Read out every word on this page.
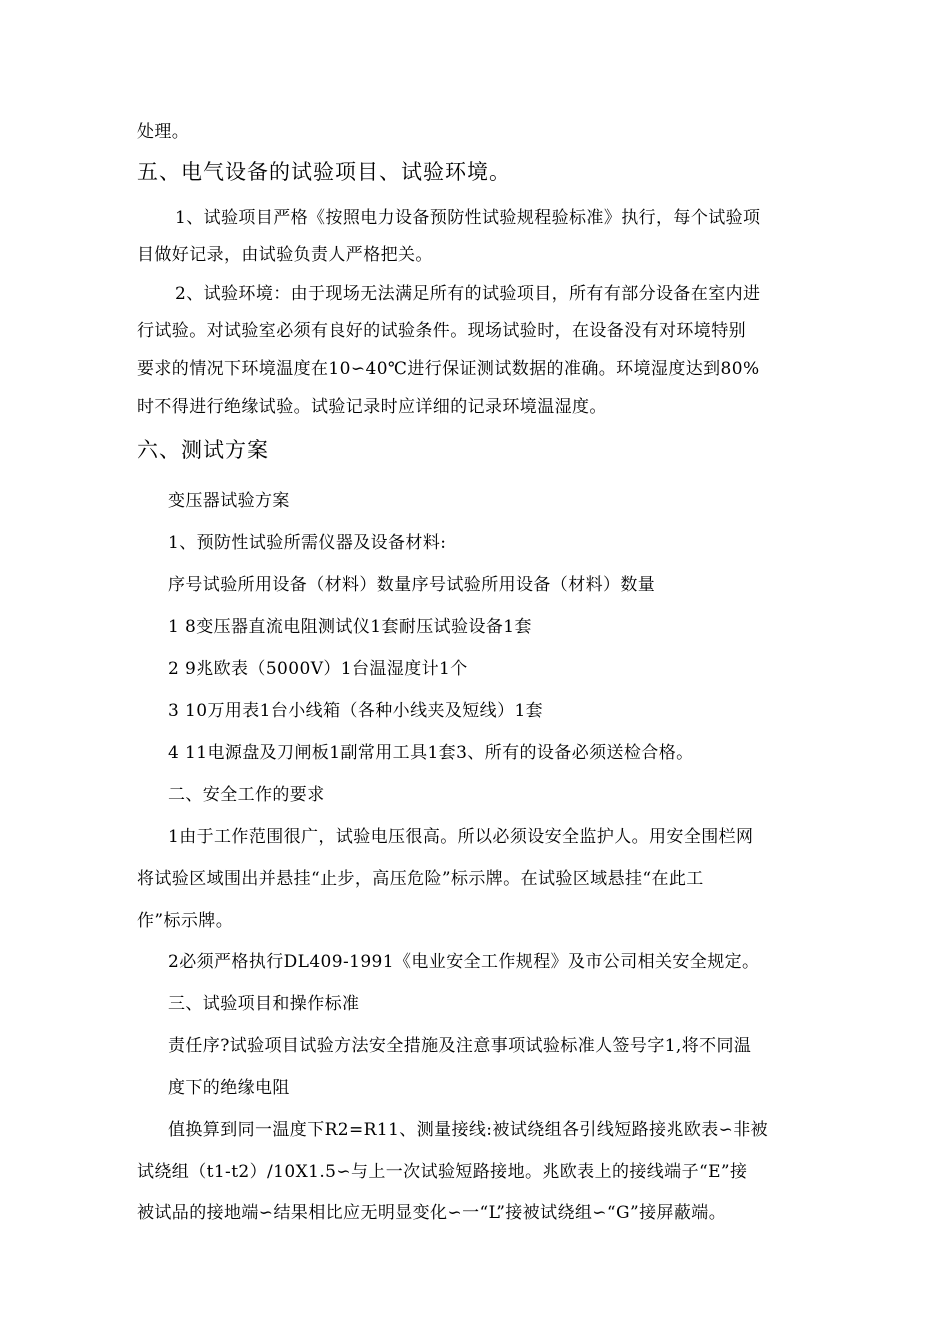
处理。

五、电气设备的试验项目、试验环境。

1、试验项目严格《按照电力设备预防性试验规程验标准》执行，每个试验项

目做好记录，由试验负责人严格把关。

2、试验环境：由于现场无法满足所有的试验项目，所有有部分设备在室内进

行试验。对试验室必须有良好的试验条件。现场试验时，在设备没有对环境特别

要求的情况下环境温度在10∽40℃进行保证测试数据的准确。环境湿度达到80%

时不得进行绝缘试验。试验记录时应详细的记录环境温湿度。

六、测试方案

变压器试验方案

1、预防性试验所需仪器及设备材料:

序号试验所用设备（材料）数量序号试验所用设备（材料）数量

1 8变压器直流电阻测试仪1套耐压试验设备1套

2 9兆欧表（5000V）1台温湿度计1个

3 10万用表1台小线箱（各种小线夹及短线）1套

4 11电源盘及刀闸板1副常用工具1套3、所有的设备必须送检合格。

二、安全工作的要求

1由于工作范围很广，试验电压很高。所以必须设安全监护人。用安全围栏网

将试验区域围出并悬挂“止步，高压危险”标示牌。在试验区域悬挂“在此工

作”标示牌。

2必须严格执行DL409-1991《电业安全工作规程》及市公司相关安全规定。

三、试验项目和操作标准

责任序?试验项目试验方法安全措施及注意事项试验标准人签号字1,将不同温

度下的绝缘电阻

值换算到同一温度下R2=R11、测量接线:被试绕组各引线短路接兆欧表∽非被

试绕组（t1-t2）/10X1.5∽与上一次试验短路接地。兆欧表上的接线端子“E”接

被试品的接地端∽结果相比应无明显变化∽一“L”接被试绕组∽“G”接屏蔽端。
